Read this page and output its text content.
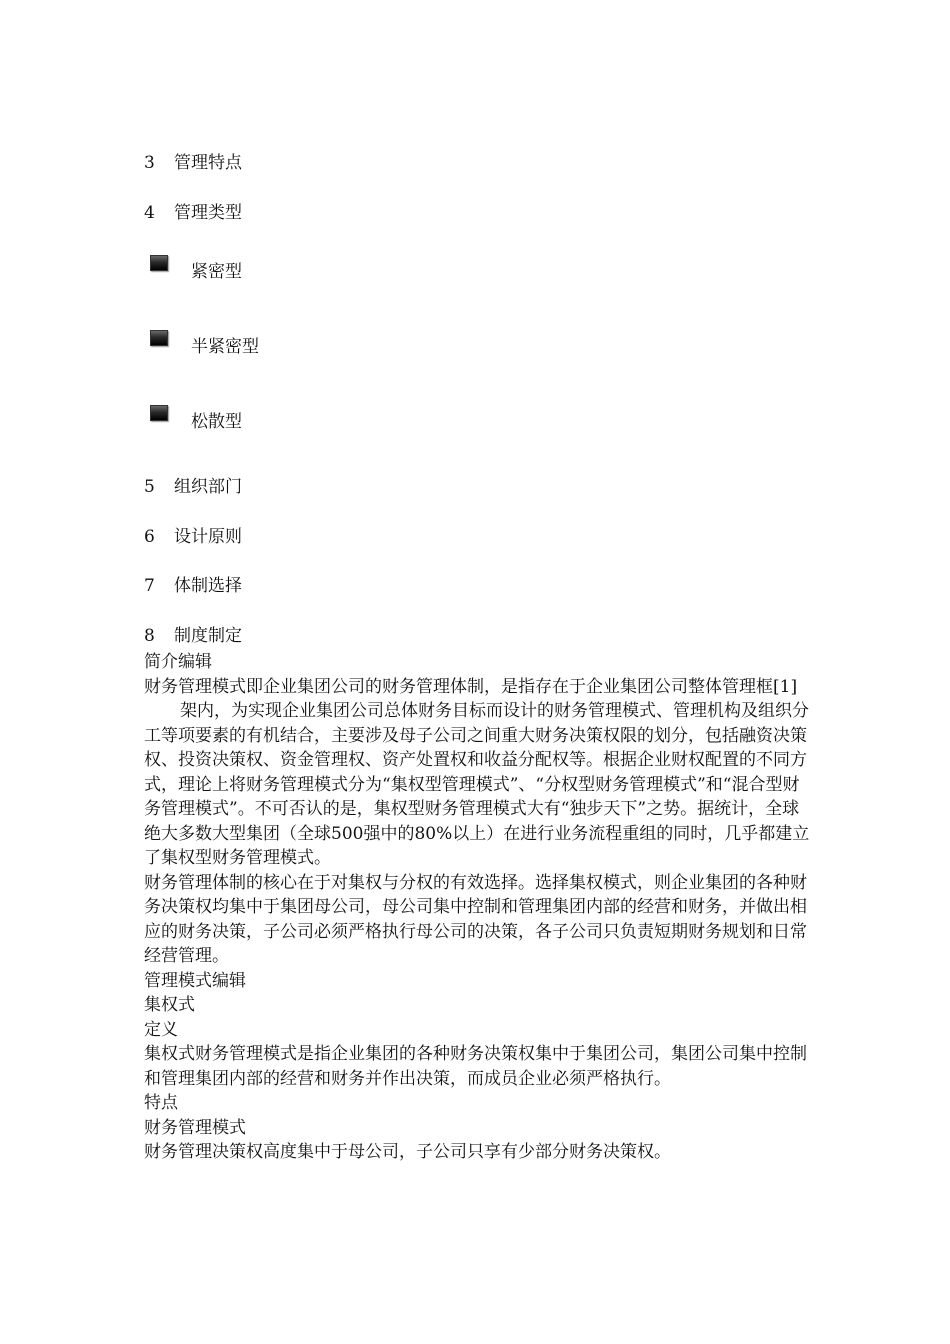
3 管理特点
4 管理类型
紧密型
半紧密型
松散型
5 组织部门
6 设计原则
7 体制选择
8 制度制定

简介编辑

财务管理模式即企业集团公司的财务管理体制，是指存在于企业集团公司整体管理框[1]架内，为实现企业集团公司总体财务目标而设计的财务管理模式、管理机构及组织分工等项要素的有机结合，主要涉及母子公司之间重大财务决策权限的划分，包括融资决策权、投资决策权、资金管理权、资产处置权和收益分配权等。根据企业财权配置的不同方式，理论上将财务管理模式分为“集权型管理模式”、“分权型财务管理模式”和“混合型财务管理模式”。不可否认的是，集权型财务管理模式大有“独步天下”之势。据统计，全球绝大多数大型集团（全球500强中的80%以上）在进行业务流程重组的同时，几乎都建立了集权型财务管理模式。

财务管理体制的核心在于对集权与分权的有效选择。选择集权模式，则企业集团的各种财务决策权均集中于集团母公司，母公司集中控制和管理集团内部的经营和财务，并做出相应的财务决策，子公司必须严格执行母公司的决策，各子公司只负责短期财务规划和日常经营管理。

管理模式编辑

集权式

定义

集权式财务管理模式是指企业集团的各种财务决策权集中于集团公司，集团公司集中控制和管理集团内部的经营和财务并作出决策，而成员企业必须严格执行。

特点

财务管理模式

财务管理决策权高度集中于母公司，子公司只享有少部分财务决策权。
